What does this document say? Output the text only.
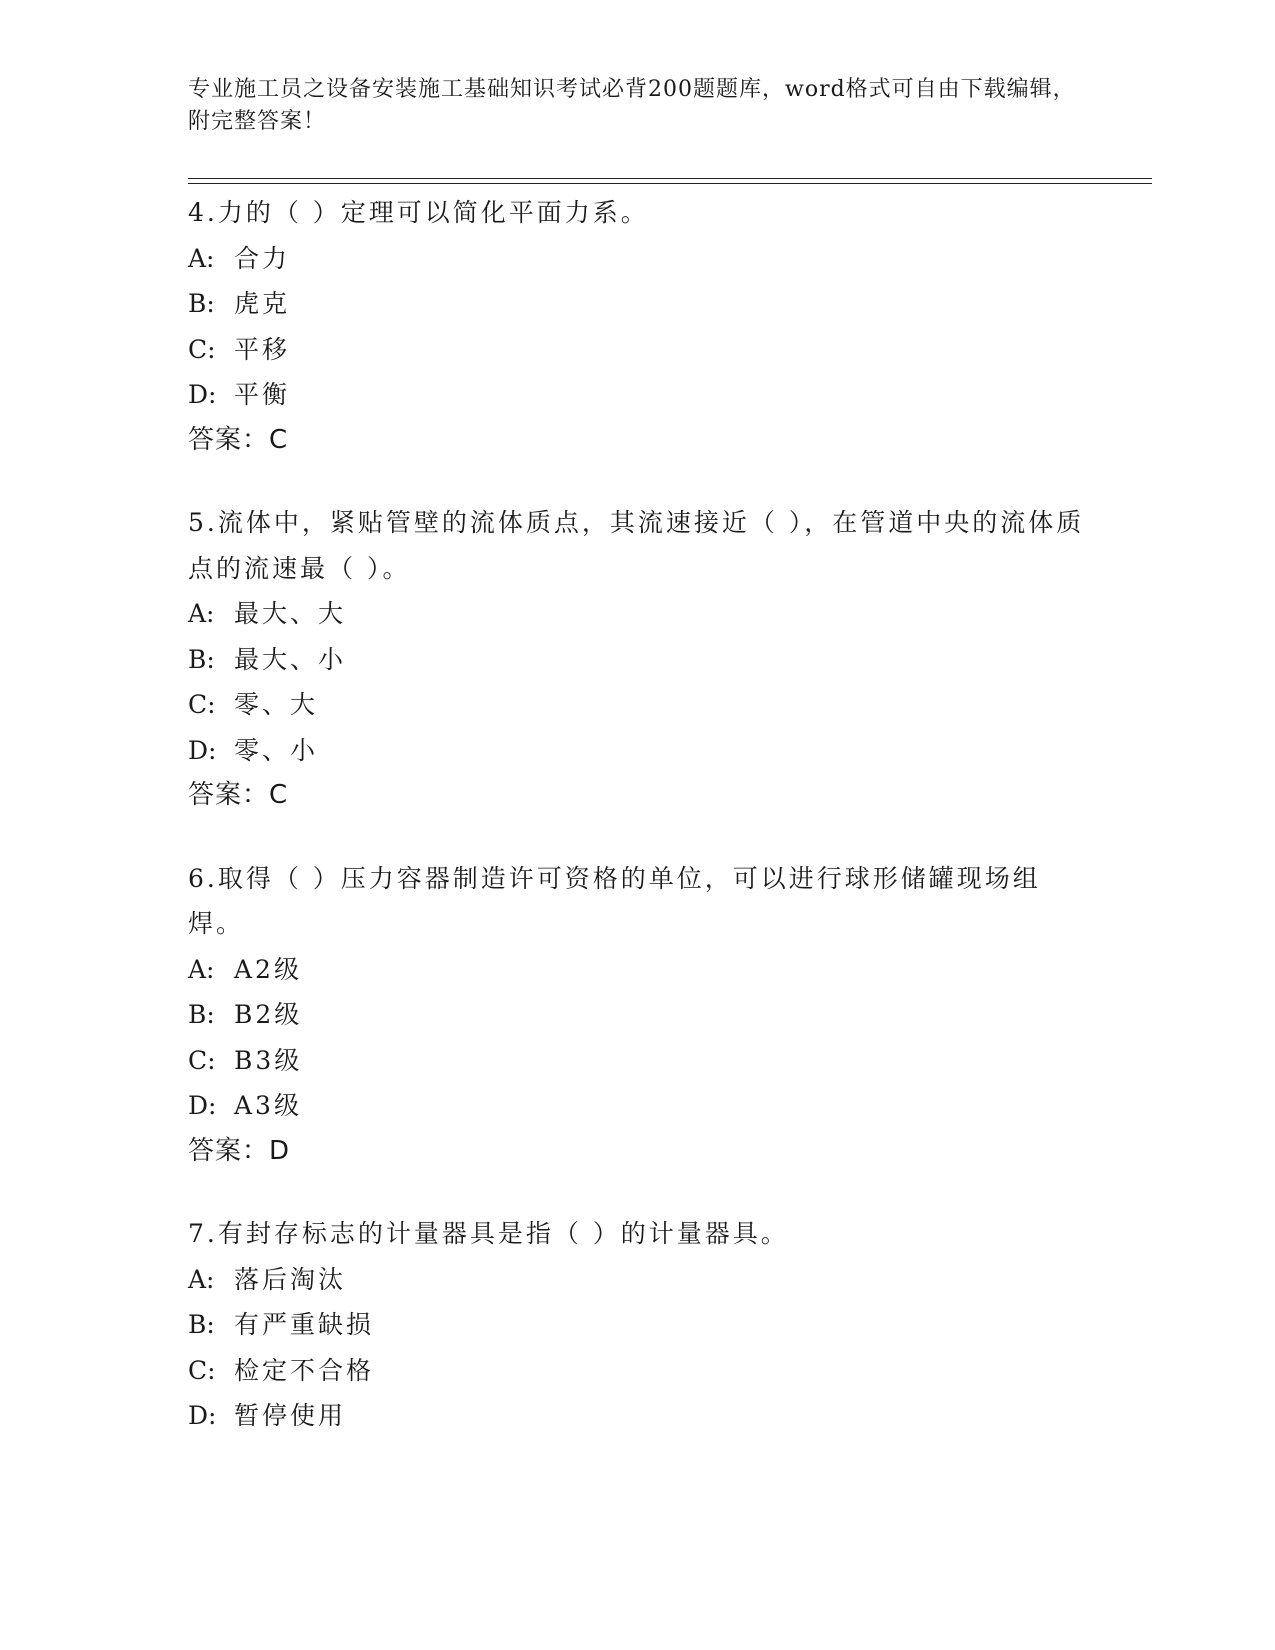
专业施工员之设备安装施工基础知识考试必背200题题库，word格式可自由下载编辑，附完整答案！
4.力的（ ）定理可以简化平面力系。
A: 合力
B: 虎克
C: 平移
D: 平衡
答案：C
5.流体中，紧贴管壁的流体质点，其流速接近（ ），在管道中央的流体质点的流速最（ ）。
A: 最大、大
B: 最大、小
C: 零、大
D: 零、小
答案：C
6.取得（ ）压力容器制造许可资格的单位，可以进行球形储罐现场组焊。
A: A2级
B: B2级
C: B3级
D: A3级
答案：D
7.有封存标志的计量器具是指（ ）的计量器具。
A: 落后淘汰
B: 有严重缺损
C: 检定不合格
D: 暂停使用
